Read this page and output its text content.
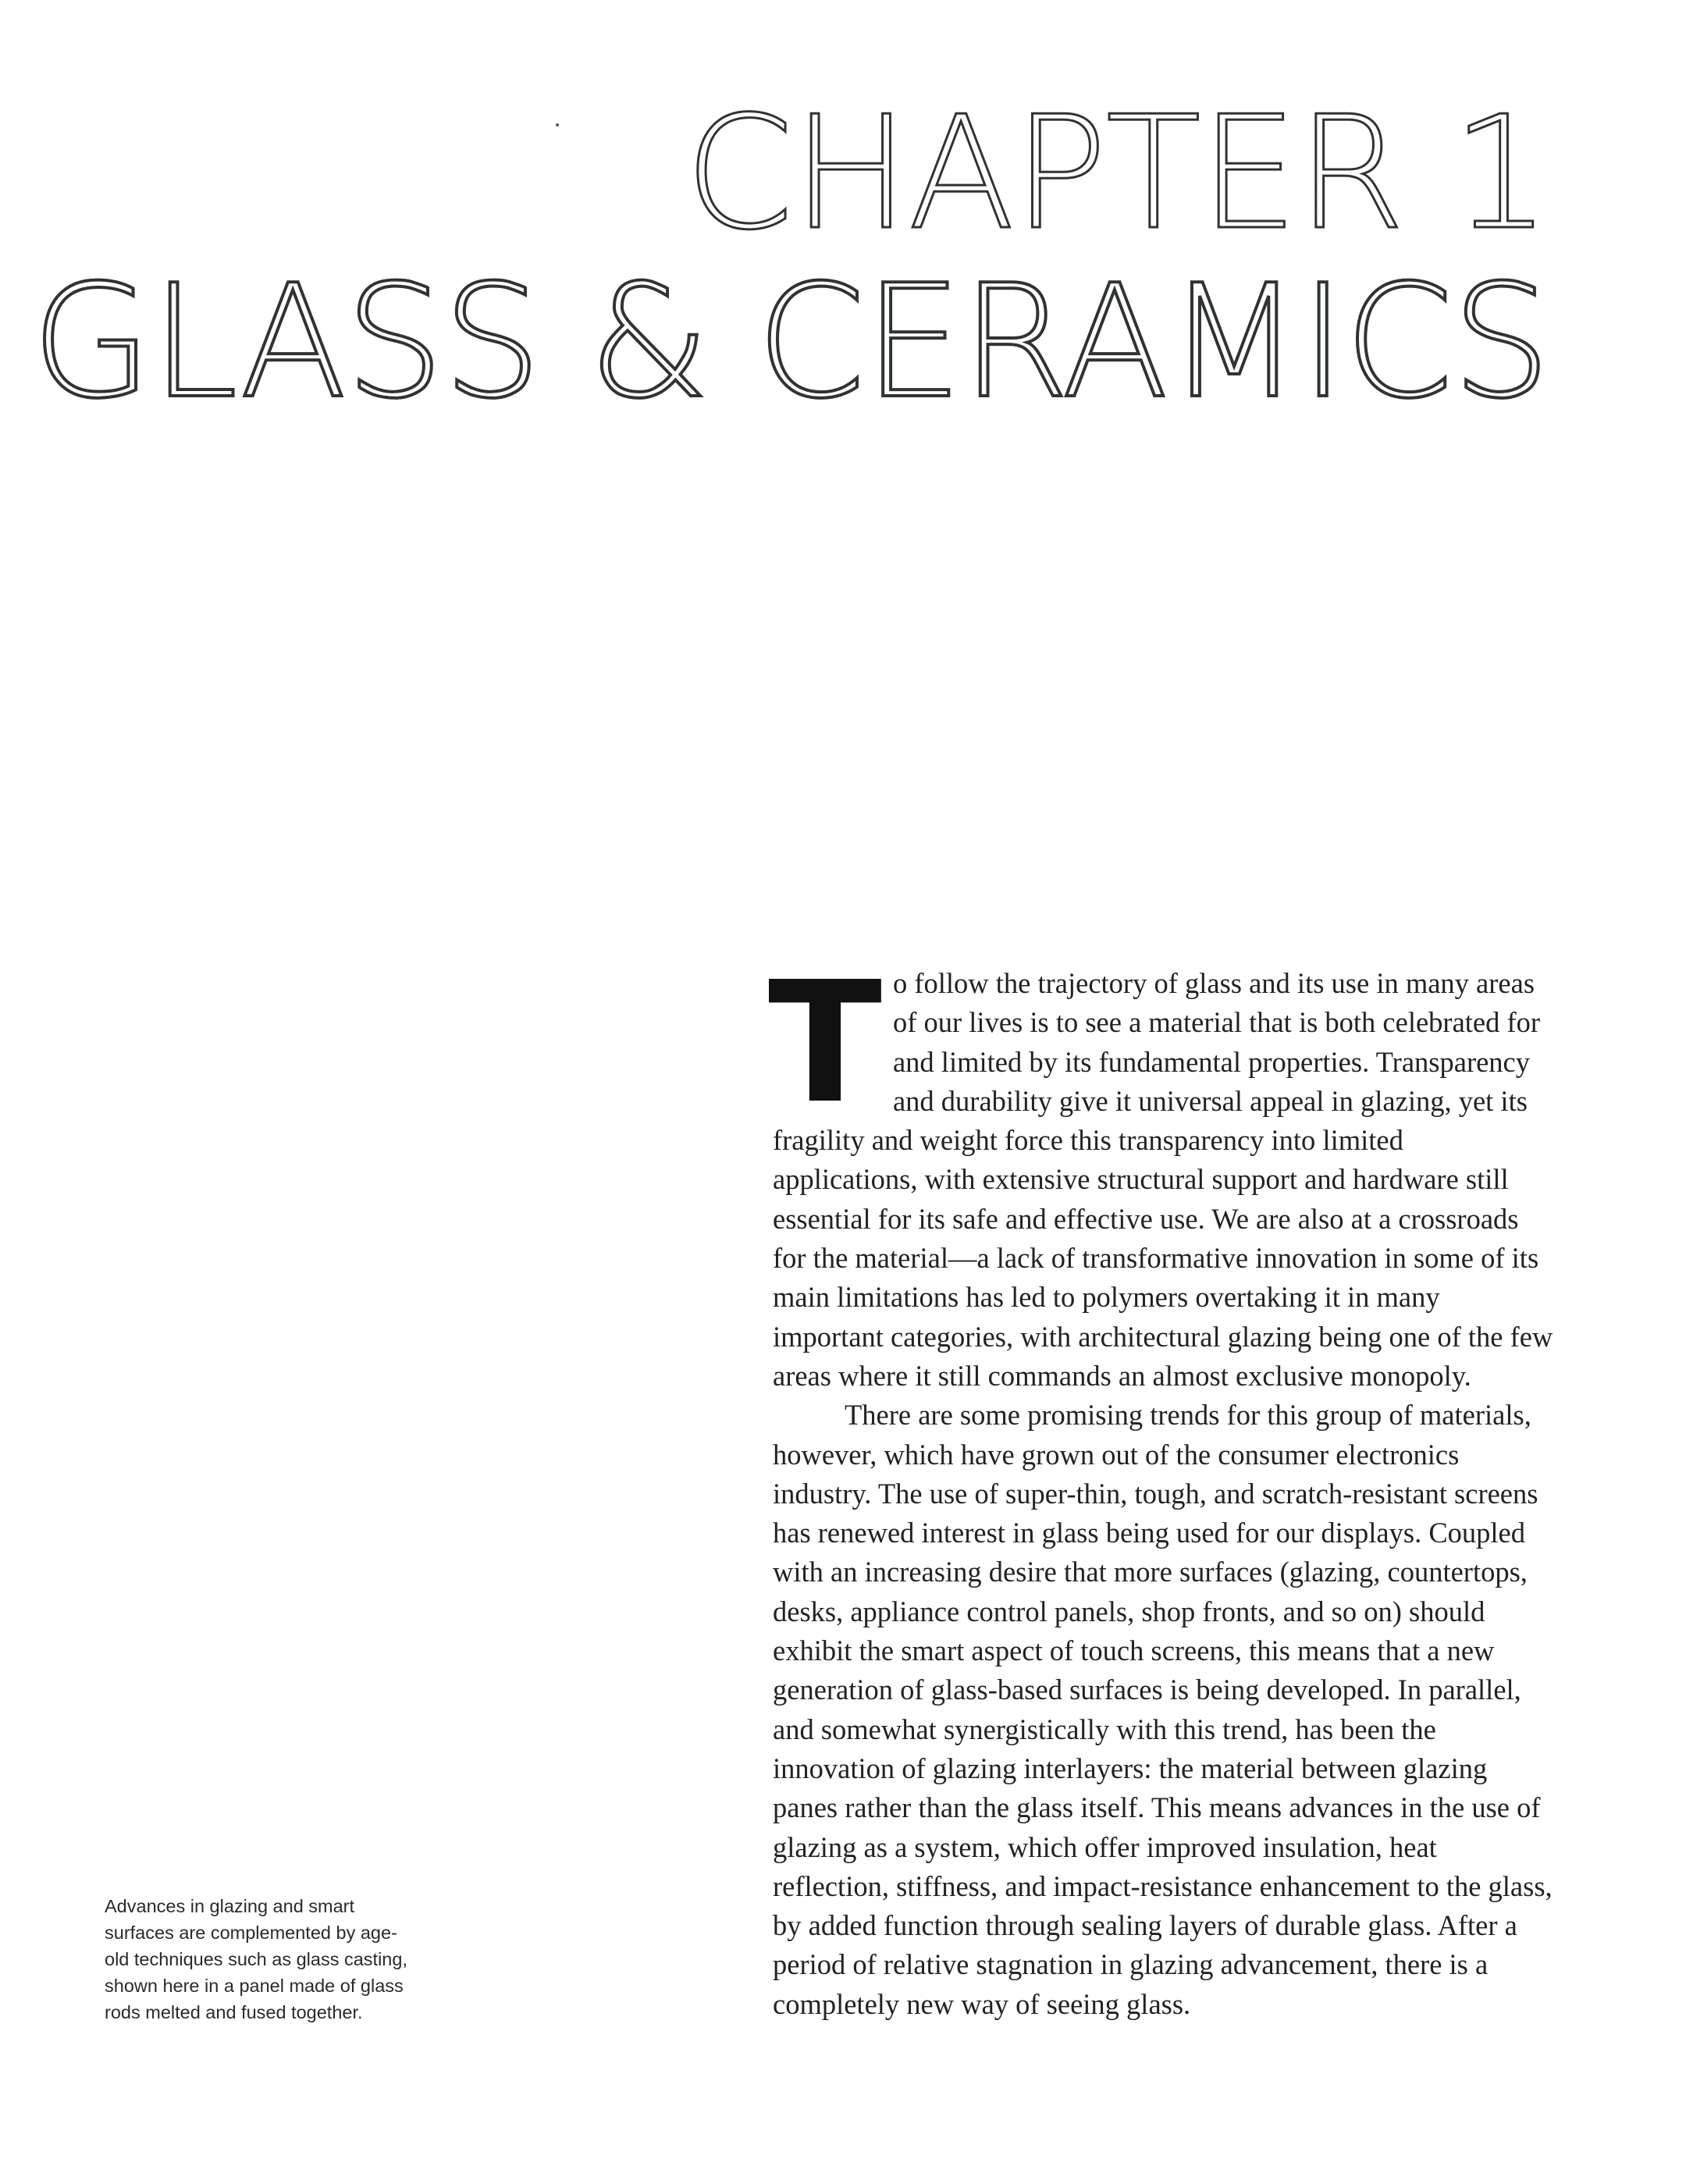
CHAPTER 1
GLASS & CERAMICS

To follow the trajectory of glass and its use in many areas of our lives is to see a material that is both celebrated for and limited by its fundamental properties. Transparency and durability give it universal appeal in glazing, yet its fragility and weight force this transparency into limited applications, with extensive structural support and hardware still essential for its safe and effective use. We are also at a crossroads for the material—a lack of transformative innovation in some of its main limitations has led to polymers overtaking it in many important categories, with architectural glazing being one of the few areas where it still commands an almost exclusive monopoly.

There are some promising trends for this group of materials, however, which have grown out of the consumer electronics industry. The use of super-thin, tough, and scratch-resistant screens has renewed interest in glass being used for our displays. Coupled with an increasing desire that more surfaces (glazing, countertops, desks, appliance control panels, shop fronts, and so on) should exhibit the smart aspect of touch screens, this means that a new generation of glass-based surfaces is being developed. In parallel, and somewhat synergistically with this trend, has been the innovation of glazing interlayers: the material between glazing panes rather than the glass itself. This means advances in the use of glazing as a system, which offer improved insulation, heat reflection, stiffness, and impact-resistance enhancement to the glass, by added function through sealing layers of durable glass. After a period of relative stagnation in glazing advancement, there is a completely new way of seeing glass.

Advances in glazing and smart surfaces are complemented by age-old techniques such as glass casting, shown here in a panel made of glass rods melted and fused together.
